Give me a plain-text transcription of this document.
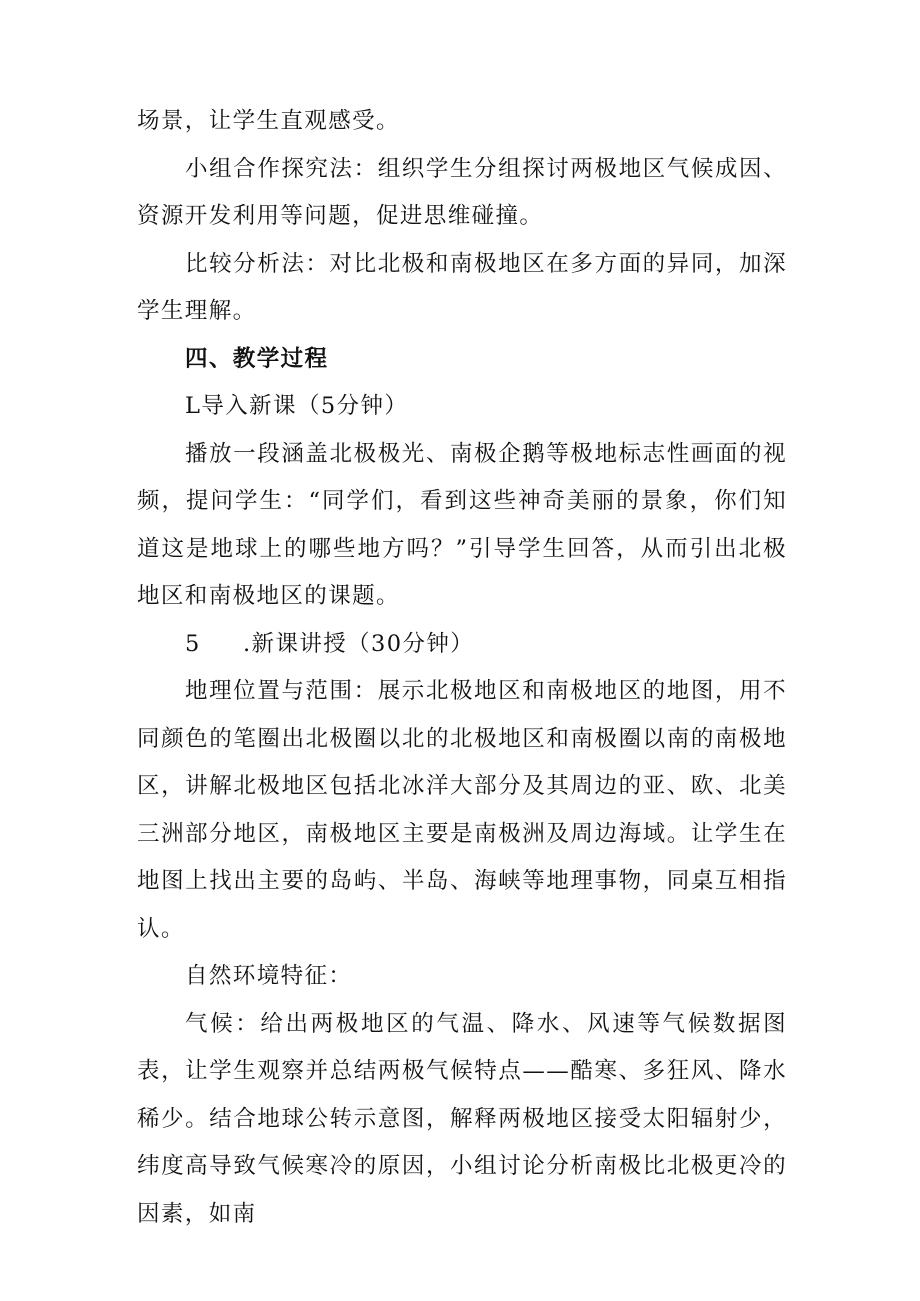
场景，让学生直观感受。

小组合作探究法：组织学生分组探讨两极地区气候成因、资源开发利用等问题，促进思维碰撞。

比较分析法：对比北极和南极地区在多方面的异同，加深学生理解。

四、教学过程

L导入新课（5分钟）

播放一段涵盖北极极光、南极企鹅等极地标志性画面的视频，提问学生：“同学们，看到这些神奇美丽的景象，你们知道这是地球上的哪些地方吗？”引导学生回答，从而引出北极地区和南极地区的课题。

5 .新课讲授（30分钟）

地理位置与范围：展示北极地区和南极地区的地图，用不同颜色的笔圈出北极圈以北的北极地区和南极圈以南的南极地区，讲解北极地区包括北冰洋大部分及其周边的亚、欧、北美三洲部分地区，南极地区主要是南极洲及周边海域。让学生在地图上找出主要的岛屿、半岛、海峡等地理事物，同桌互相指认。

自然环境特征：

气候：给出两极地区的气温、降水、风速等气候数据图表，让学生观察并总结两极气候特点——酷寒、多狂风、降水稀少。结合地球公转示意图，解释两极地区接受太阳辐射少，纬度高导致气候寒冷的原因，小组讨论分析南极比北极更冷的因素，如南
